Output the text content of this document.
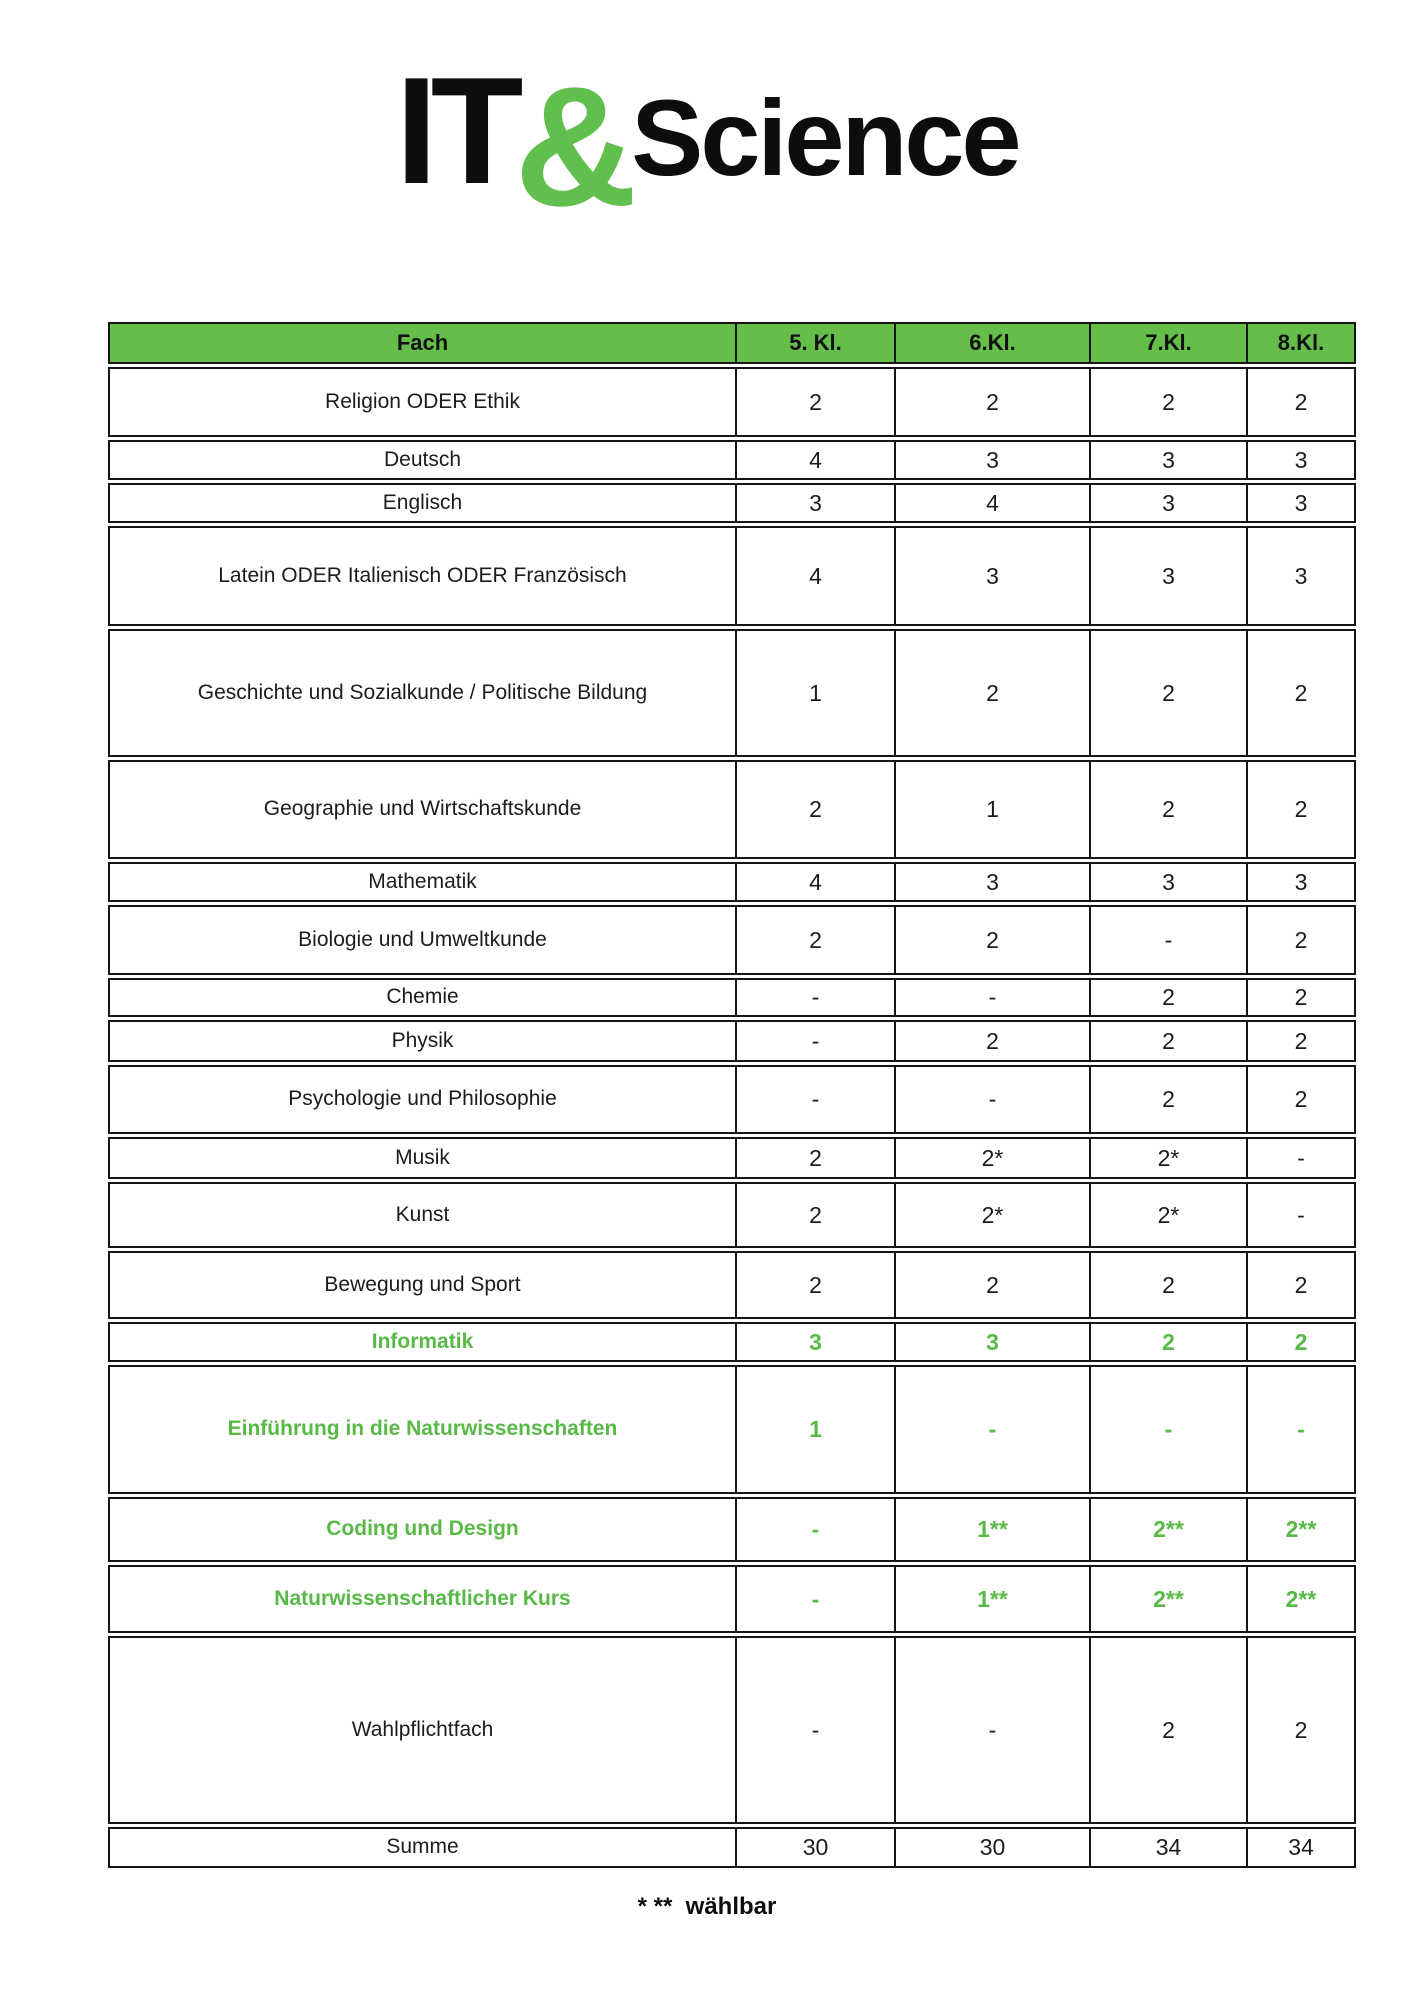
IT&Science
Fach	5. Kl.	6.Kl.	7.Kl.	8.Kl.
Religion ODER Ethik	2	2	2	2
Deutsch	4	3	3	3
Englisch	3	4	3	3
Latein ODER Italienisch ODER Französisch	4	3	3	3
Geschichte und Sozialkunde / Politische Bildung	1	2	2	2
Geographie und Wirtschaftskunde	2	1	2	2
Mathematik	4	3	3	3
Biologie und Umweltkunde	2	2	-	2
Chemie	-	-	2	2
Physik	-	2	2	2
Psychologie und Philosophie	-	-	2	2
Musik	2	2*	2*	-
Kunst	2	2*	2*	-
Bewegung und Sport	2	2	2	2
Informatik	3	3	2	2
Einführung in die Naturwissenschaften	1	-	-	-
Coding und Design	-	1**	2**	2**
Naturwissenschaftlicher Kurs	-	1**	2**	2**
Wahlpflichtfach	-	-	2	2
Summe	30	30	34	34
* **  wählbar
